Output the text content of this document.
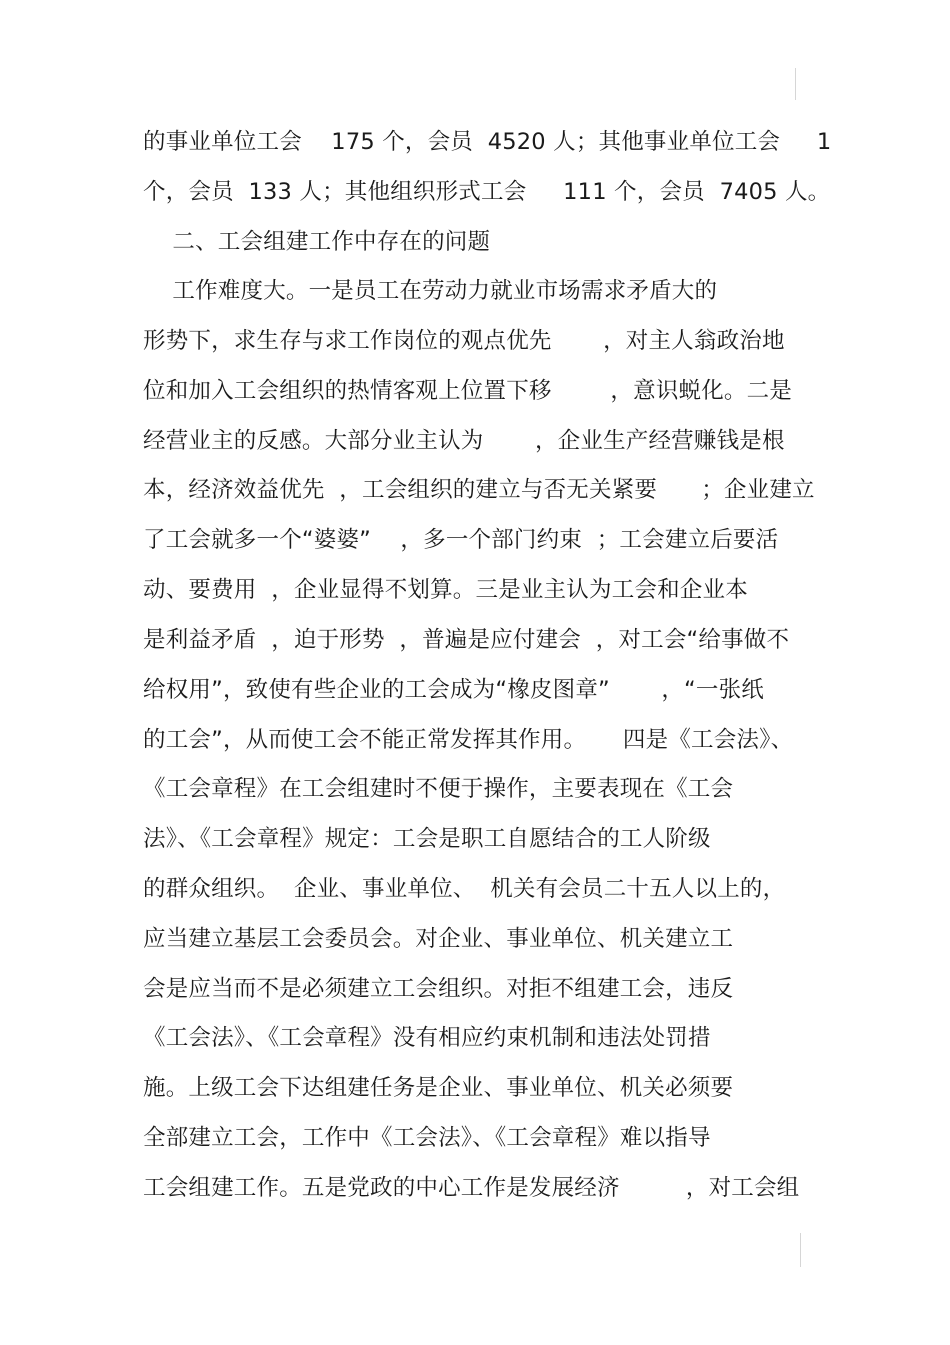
的事业单位工会    175 个，会员  4520 人；其他事业单位工会     1
个，会员  133 人；其他组织形式工会     111 个，会员  7405 人。
二、工会组建工作中存在的问题
工作难度大。一是员工在劳动力就业市场需求矛盾大的
形势下，求生存与求工作岗位的观点优先       ，对主人翁政治地
位和加入工会组织的热情客观上位置下移        ，意识蜕化。二是
经营业主的反感。大部分业主认为       ，企业生产经营赚钱是根
本，经济效益优先  ，工会组织的建立与否无关紧要      ；企业建立
了工会就多一个“婆婆”    ，多一个部门约束  ；工会建立后要活
动、要费用  ，企业显得不划算。三是业主认为工会和企业本
是利益矛盾  ，迫于形势  ，普遍是应付建会  ，对工会“给事做不
给权用”，致使有些企业的工会成为“橡皮图章”       ，“一张纸
的工会”，从而使工会不能正常发挥其作用。     四是《工会法》、
《工会章程》在工会组建时不便于操作，主要表现在《工会
法》、《工会章程》规定：工会是职工自愿结合的工人阶级
的群众组织。  企业、事业单位、  机关有会员二十五人以上的，
应当建立基层工会委员会。对企业、事业单位、机关建立工
会是应当而不是必须建立工会组织。对拒不组建工会，违反
《工会法》、《工会章程》没有相应约束机制和违法处罚措
施。上级工会下达组建任务是企业、事业单位、机关必须要
全部建立工会，工作中《工会法》、《工会章程》难以指导
工会组建工作。五是党政的中心工作是发展经济         ，对工会组
